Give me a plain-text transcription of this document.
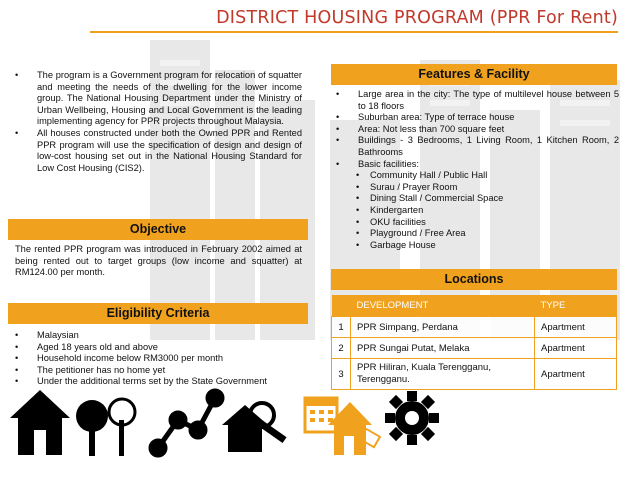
DISTRICT HOUSING PROGRAM (PPR For Rent)
• The program is a Government program for relocation of squatter and meeting the needs of the dwelling for the lower income group. The National Housing Department under the Ministry of Urban Wellbeing, Housing and Local Government is the leading implementing agency for PPR projects throughout Malaysia.
• All houses constructed under both the Owned PPR and Rented PPR program will use the specification of design and design of low-cost housing set out in the National Housing Standard for Low Cost Housing (CIS2).
Objective

The rented PPR program was introduced in February 2002 aimed at being rented out to target groups (low income and squatter) at RM124.00 per month.

Eligibility Criteria
• Malaysian
• Aged 18 years old and above
• Household income below RM3000 per month
• The petitioner has no home yet
• Under the additional terms set by the State Government
Features & Facility
• Large area in the city: The type of multilevel house between 5 to 18 floors
• Suburban area: Type of terrace house
• Area: Not less than 700 square feet
• Buildings - 3 Bedrooms, 1 Living Room, 1 Kitchen Room, 2 Bathrooms
• Basic facilities:
• Community Hall / Public Hall
• Surau / Prayer Room
• Dining Stall / Commercial Space
• Kindergarten
• OKU facilities
• Playground / Free Area
• Garbage House
Locations
	DEVELOPMENT	TYPE
1	PPR Simpang, Perdana	Apartment
2	PPR Sungai Putat, Melaka	Apartment
3	PPR Hiliran, Kuala Terengganu, Terengganu.	Apartment
